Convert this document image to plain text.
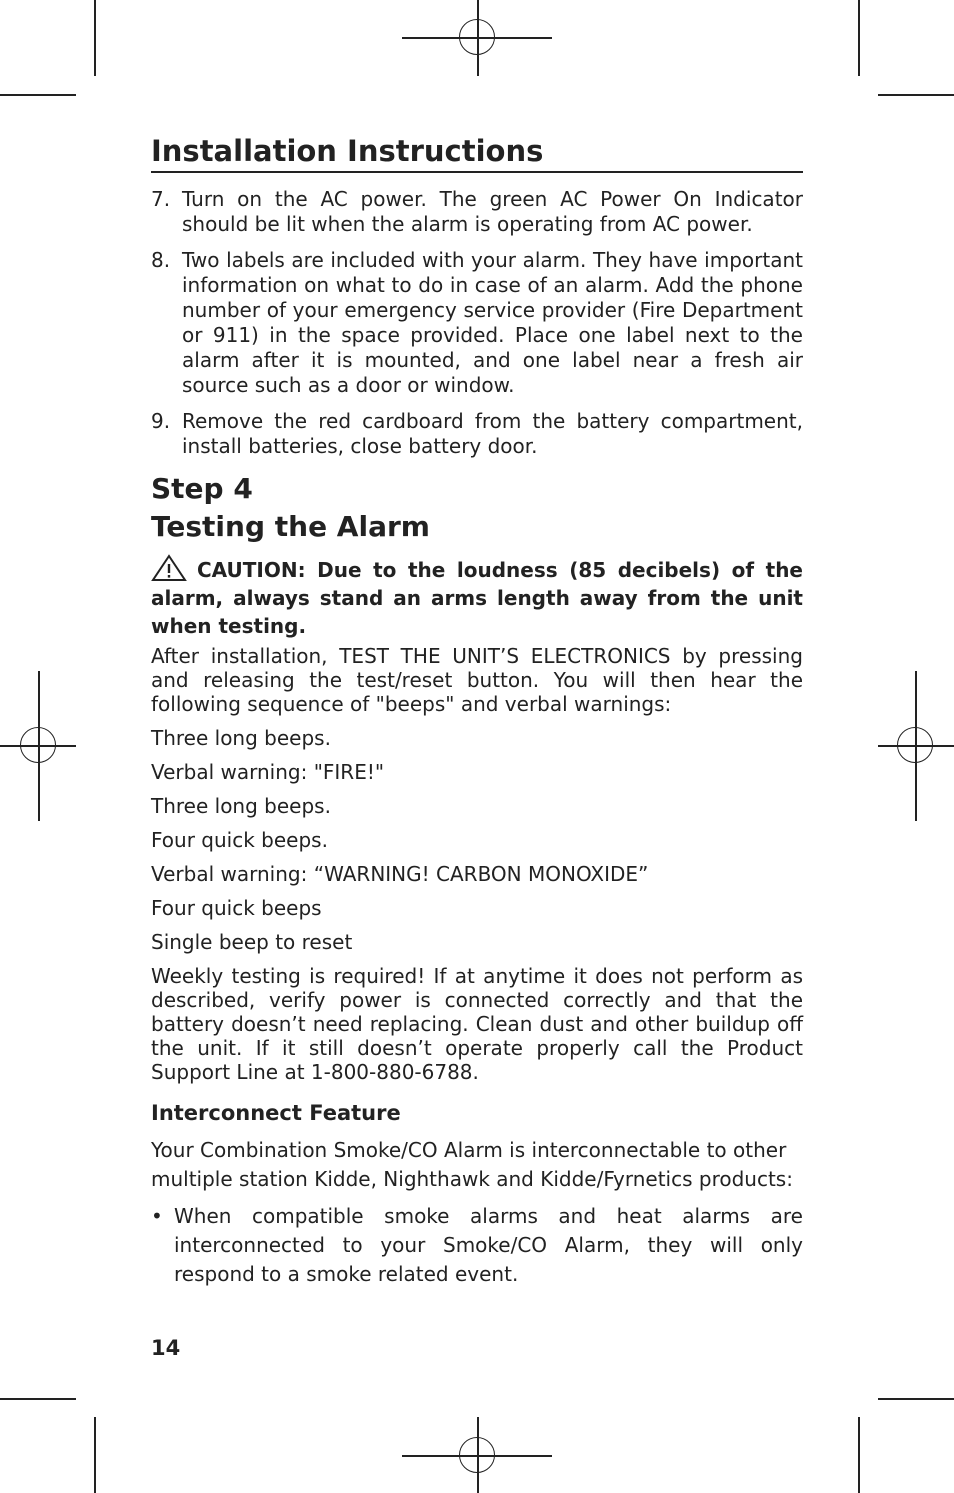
Installation Instructions
7. Turn on the AC power. The green AC Power On Indicator should be lit when the alarm is operating from AC power.
8. Two labels are included with your alarm. They have important information on what to do in case of an alarm. Add the phone number of your emergency service provider (Fire Department or 911) in the space provided. Place one label next to the alarm after it is mounted, and one label near a fresh air source such as a door or window.
9. Remove the red cardboard from the battery compartment, install batteries, close battery door.
Step 4
Testing the Alarm

CAUTION: Due to the loudness (85 decibels) of the alarm, always stand an arms length away from the unit when testing.

After installation, TEST THE UNIT’S ELECTRONICS by pressing and releasing the test/reset button. You will then hear the following sequence of "beeps" and verbal warnings:

Three long beeps.

Verbal warning: "FIRE!"

Three long beeps.

Four quick beeps.

Verbal warning: “WARNING! CARBON MONOXIDE”

Four quick beeps

Single beep to reset

Weekly testing is required! If at anytime it does not perform as described, verify power is connected correctly and that the battery doesn’t need replacing. Clean dust and other buildup off the unit. If it still doesn’t operate properly call the Product Support Line at 1-800-880-6788.

Interconnect Feature

Your Combination Smoke/CO Alarm is interconnectable to other multiple station Kidde, Nighthawk and Kidde/Fyrnetics products:

• When compatible smoke alarms and heat alarms are interconnected to your Smoke/CO Alarm, they will only respond to a smoke related event.
14
